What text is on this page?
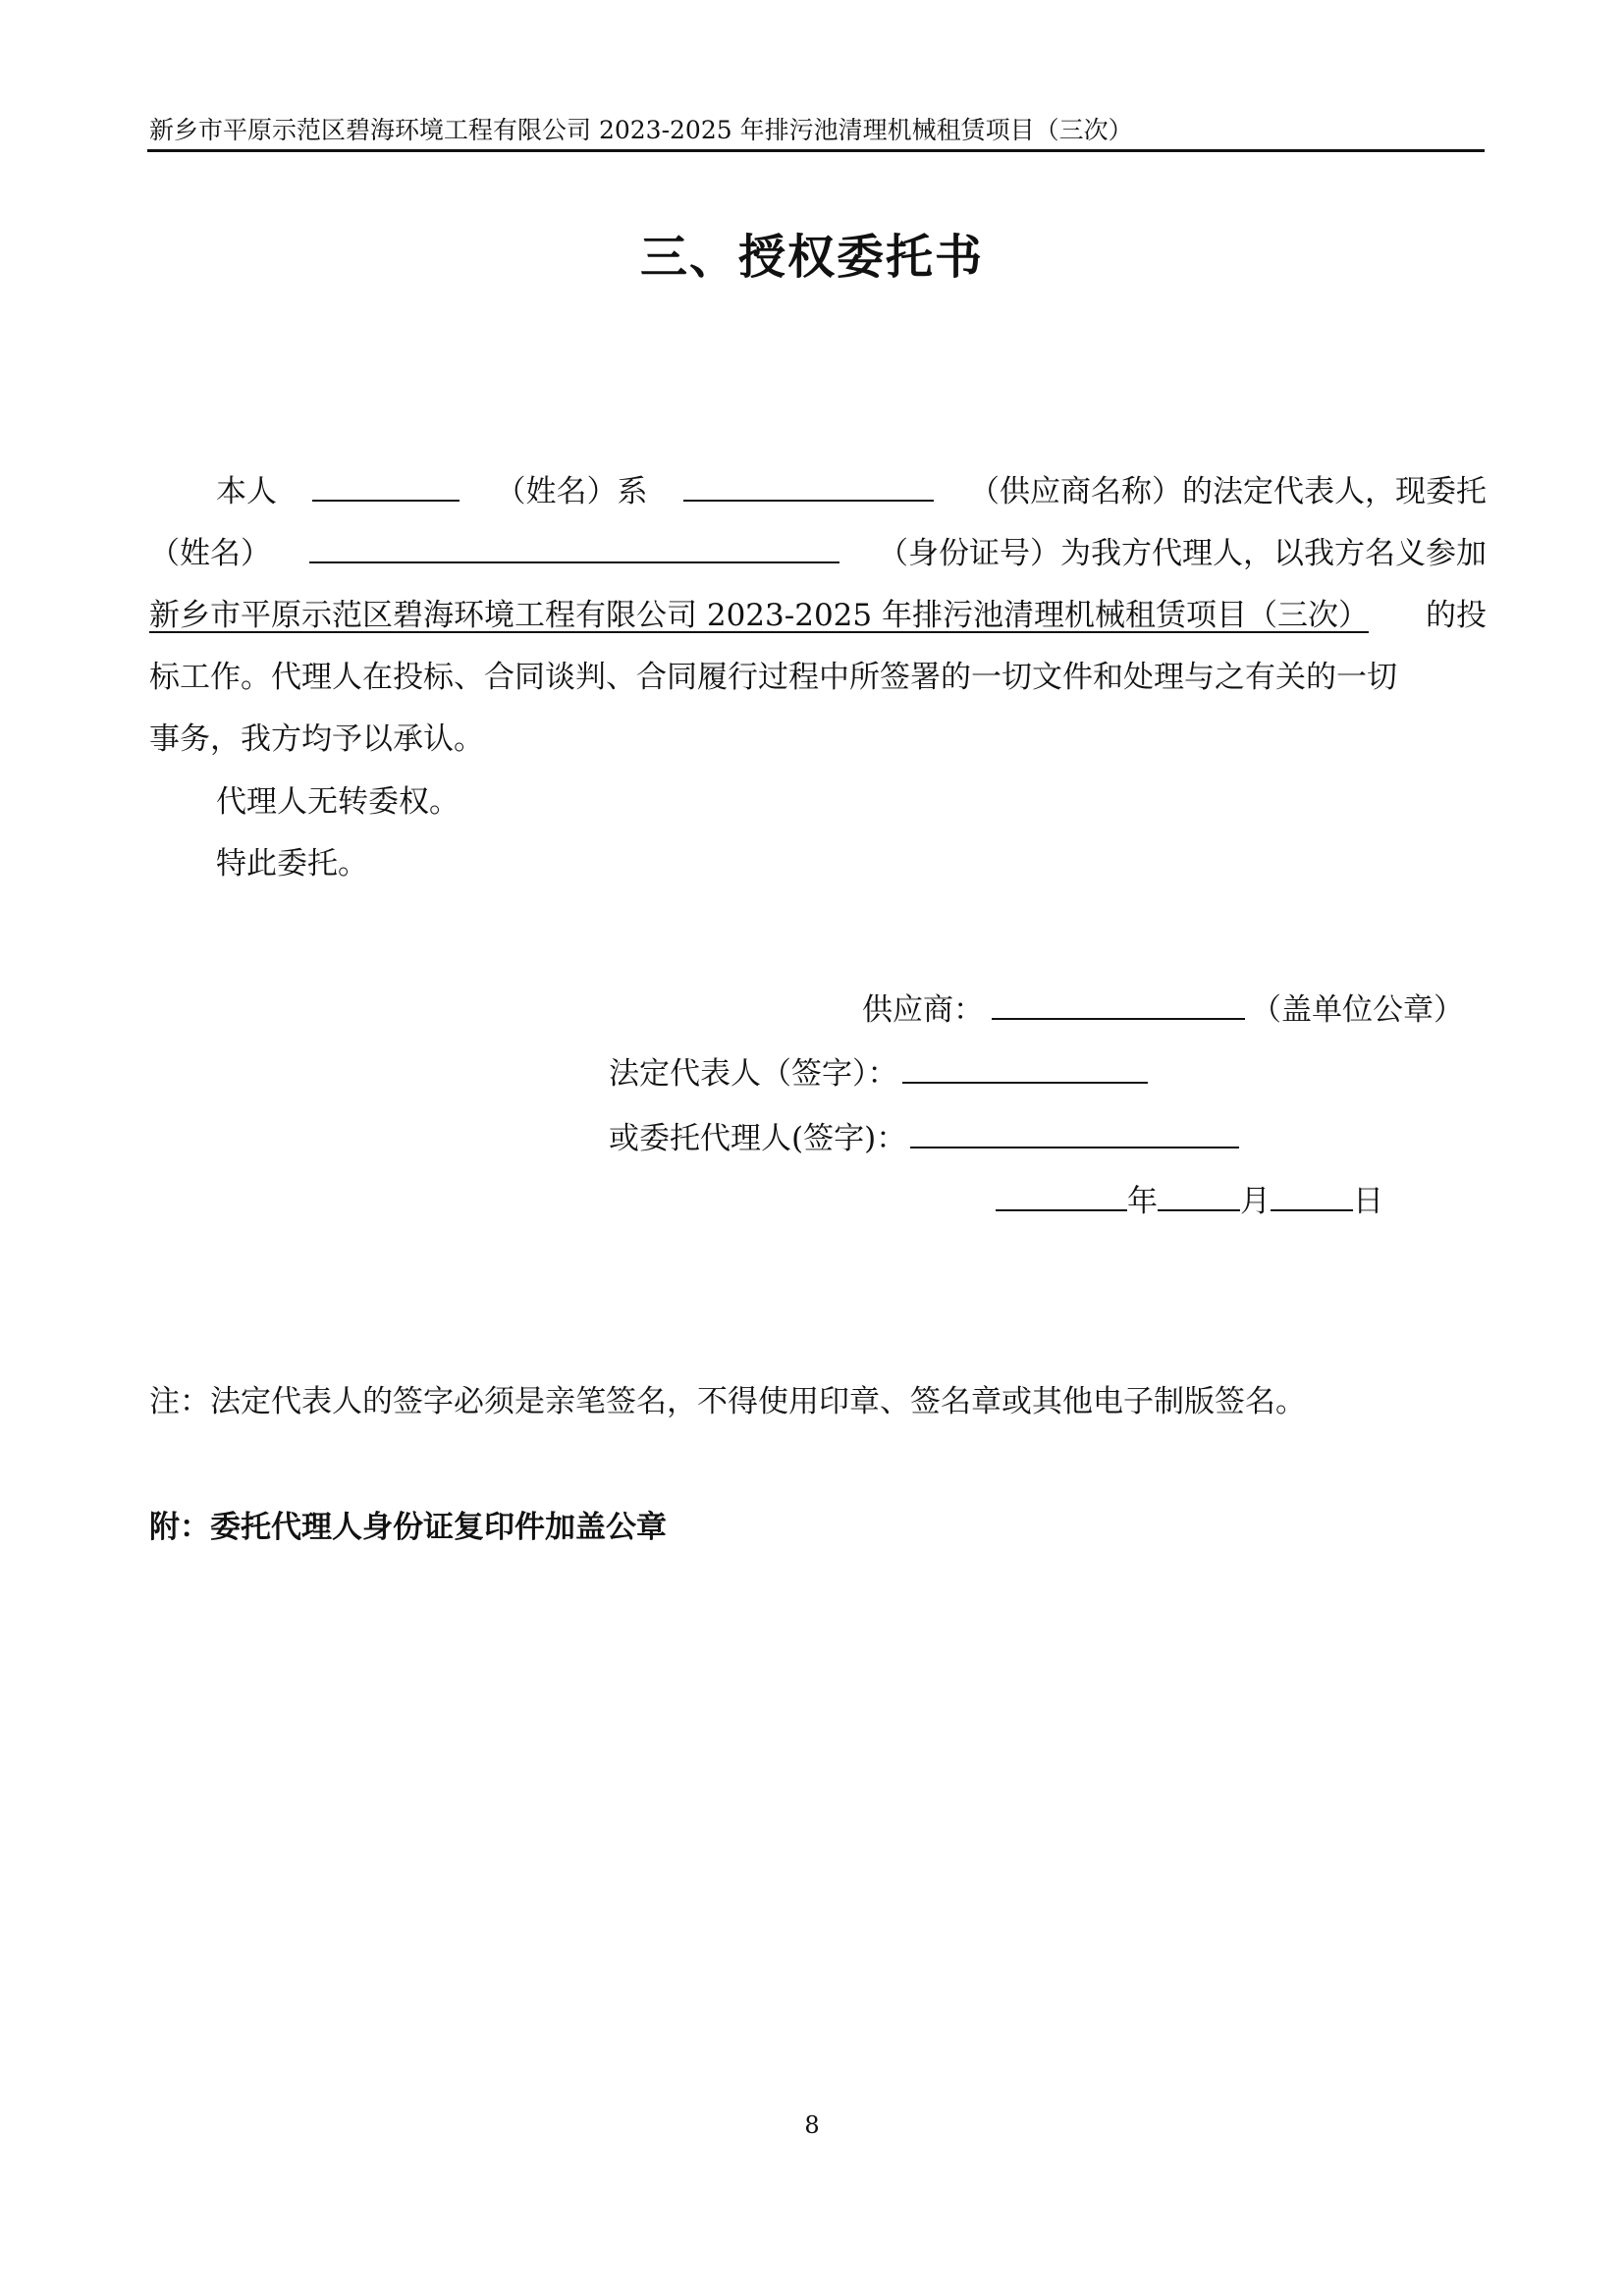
新乡市平原示范区碧海环境工程有限公司 2023-2025 年排污池清理机械租赁项目（三次）
三、授权委托书
本人	（姓名）系	（供应商名称）的法定代表人，现委托
（姓名）	（身份证号）为我方代理人，以我方名义参加
新乡市平原示范区碧海环境工程有限公司 2023-2025 年排污池清理机械租赁项目（三次） 的投
标工作。代理人在投标、合同谈判、合同履行过程中所签署的一切文件和处理与之有关的一切
事务，我方均予以承认。
代理人无转委权。
特此委托。
供应商：	（盖单位公章）
法定代表人（签字）：
或委托代理人(签字)：
年	月	日
注：法定代表人的签字必须是亲笔签名，不得使用印章、签名章或其他电子制版签名。
附：委托代理人身份证复印件加盖公章
8
